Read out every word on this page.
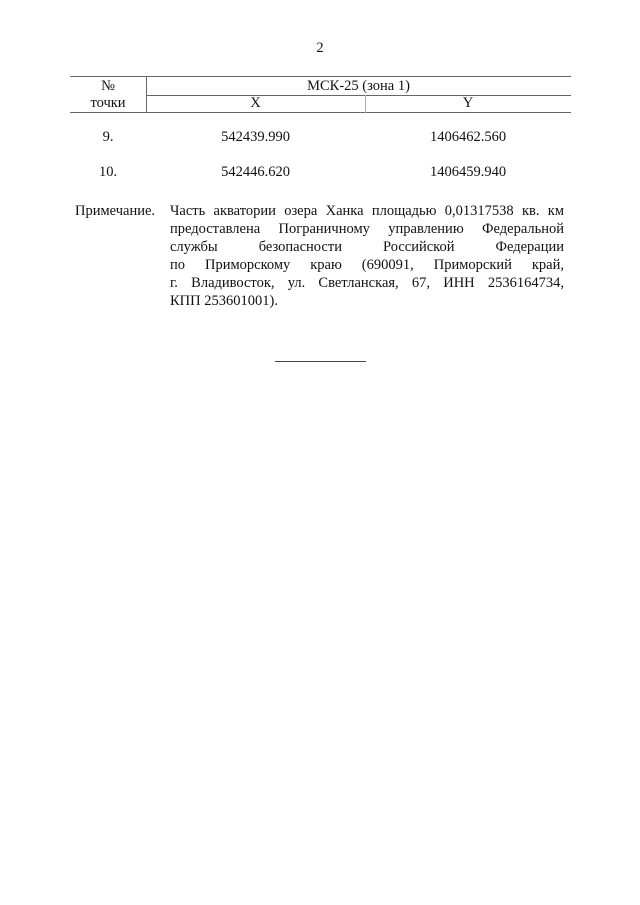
2
№
точки
МСК-25 (зона 1)
X	Y
9.	542439.990	1406462.560
10.	542446.620	1406459.940
Примечание. Часть акватории озера Ханка площадью 0,01317538 кв. км
предоставлена Пограничному управлению Федеральной
службы безопасности Российской Федерации
по Приморскому краю (690091, Приморский край,
г. Владивосток, ул. Светланская, 67, ИНН 2536164734,
КПП 253601001).
